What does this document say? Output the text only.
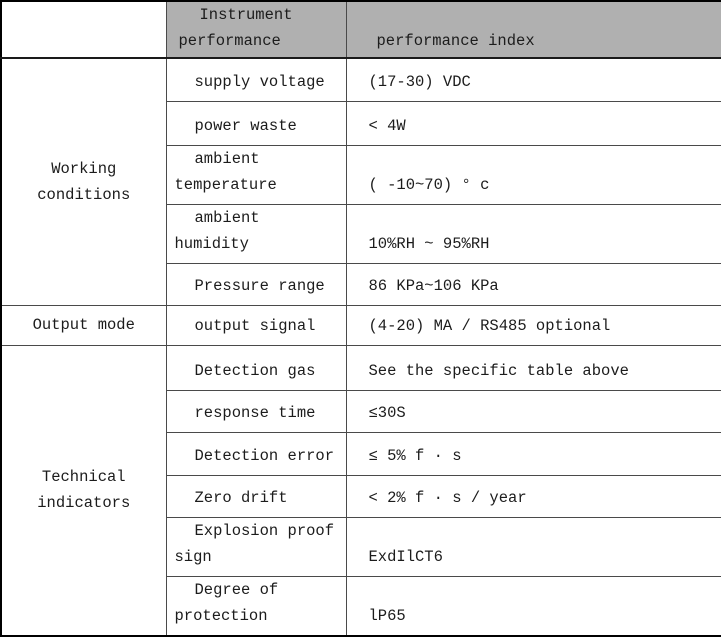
	Instrument performance	performance index
Working conditions	supply voltage	(17-30) VDC
	power waste	< 4W
	ambient temperature	( -10~70) ° c
	ambient humidity	10%RH ~ 95%RH
	Pressure range	86 KPa~106 KPa
Output mode	output signal	(4-20) MA / RS485 optional
Technical indicators	Detection gas	See the specific table above
	response time	≤30S
	Detection error	≤ 5% f · s
	Zero drift	< 2% f · s / year
	Explosion proof sign	ExdIlCT6
	Degree of protection	lP65
